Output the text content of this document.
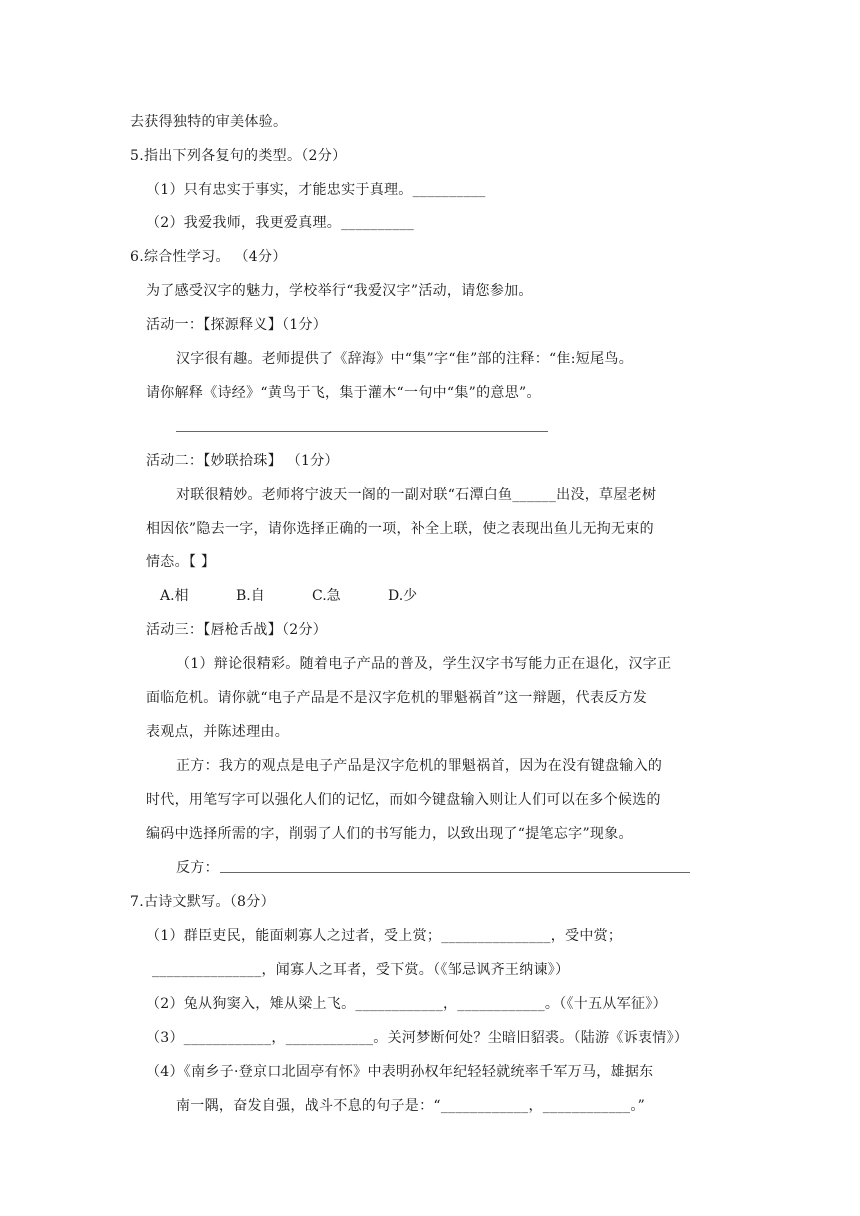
去获得独特的审美体验。
5.指出下列各复句的类型。（2分）
（1）只有忠实于事实，才能忠实于真理。__________
（2）我爱我师，我更爱真理。__________
6.综合性学习。 （4分）
为了感受汉字的魅力，学校举行“我爱汉字”活动，请您参加。
活动一：【探源释义】（1分）
汉字很有趣。老师提供了《辞海》中“集”字“隹”部的注释：“隹:短尾鸟。
请你解释《诗经》“黄鸟于飞，集于灌木“一句中“集”的意思”。
活动二：【妙联拾珠】 （1分）
对联很精妙。老师将宁波天一阁的一副对联“石潭白鱼______出没，草屋老树
相因依”隐去一字，请你选择正确的一项，补全上联，使之表现出鱼儿无拘无束的
情态。【 】
A.相	B.自	C.急	D.少
活动三：【唇枪舌战】（2分）
（1）辩论很精彩。随着电子产品的普及，学生汉字书写能力正在退化，汉字正
面临危机。请你就“电子产品是不是汉字危机的罪魁祸首”这一辩题，代表反方发
表观点，并陈述理由。
正方：我方的观点是电子产品是汉字危机的罪魁祸首，因为在没有键盘输入的
时代，用笔写字可以强化人们的记忆，而如今键盘输入则让人们可以在多个候选的
编码中选择所需的字，削弱了人们的书写能力，以致出现了“提笔忘字”现象。
反方：
7.古诗文默写。（8分）
（1）群臣吏民，能面刺寡人之过者，受上赏；_______________，受中赏；
_______________，闻寡人之耳者，受下赏。（《邹忌讽齐王纳谏》）
（2）兔从狗窦入，雉从梁上飞。____________，____________。（《十五从军征》）
（3）____________，____________。关河梦断何处？尘暗旧貂裘。（陆游《诉衷情》）
（4）《南乡子·登京口北固亭有怀》中表明孙权年纪轻轻就统率千军万马，雄据东
南一隅，奋发自强，战斗不息的句子是：“____________，____________。”
